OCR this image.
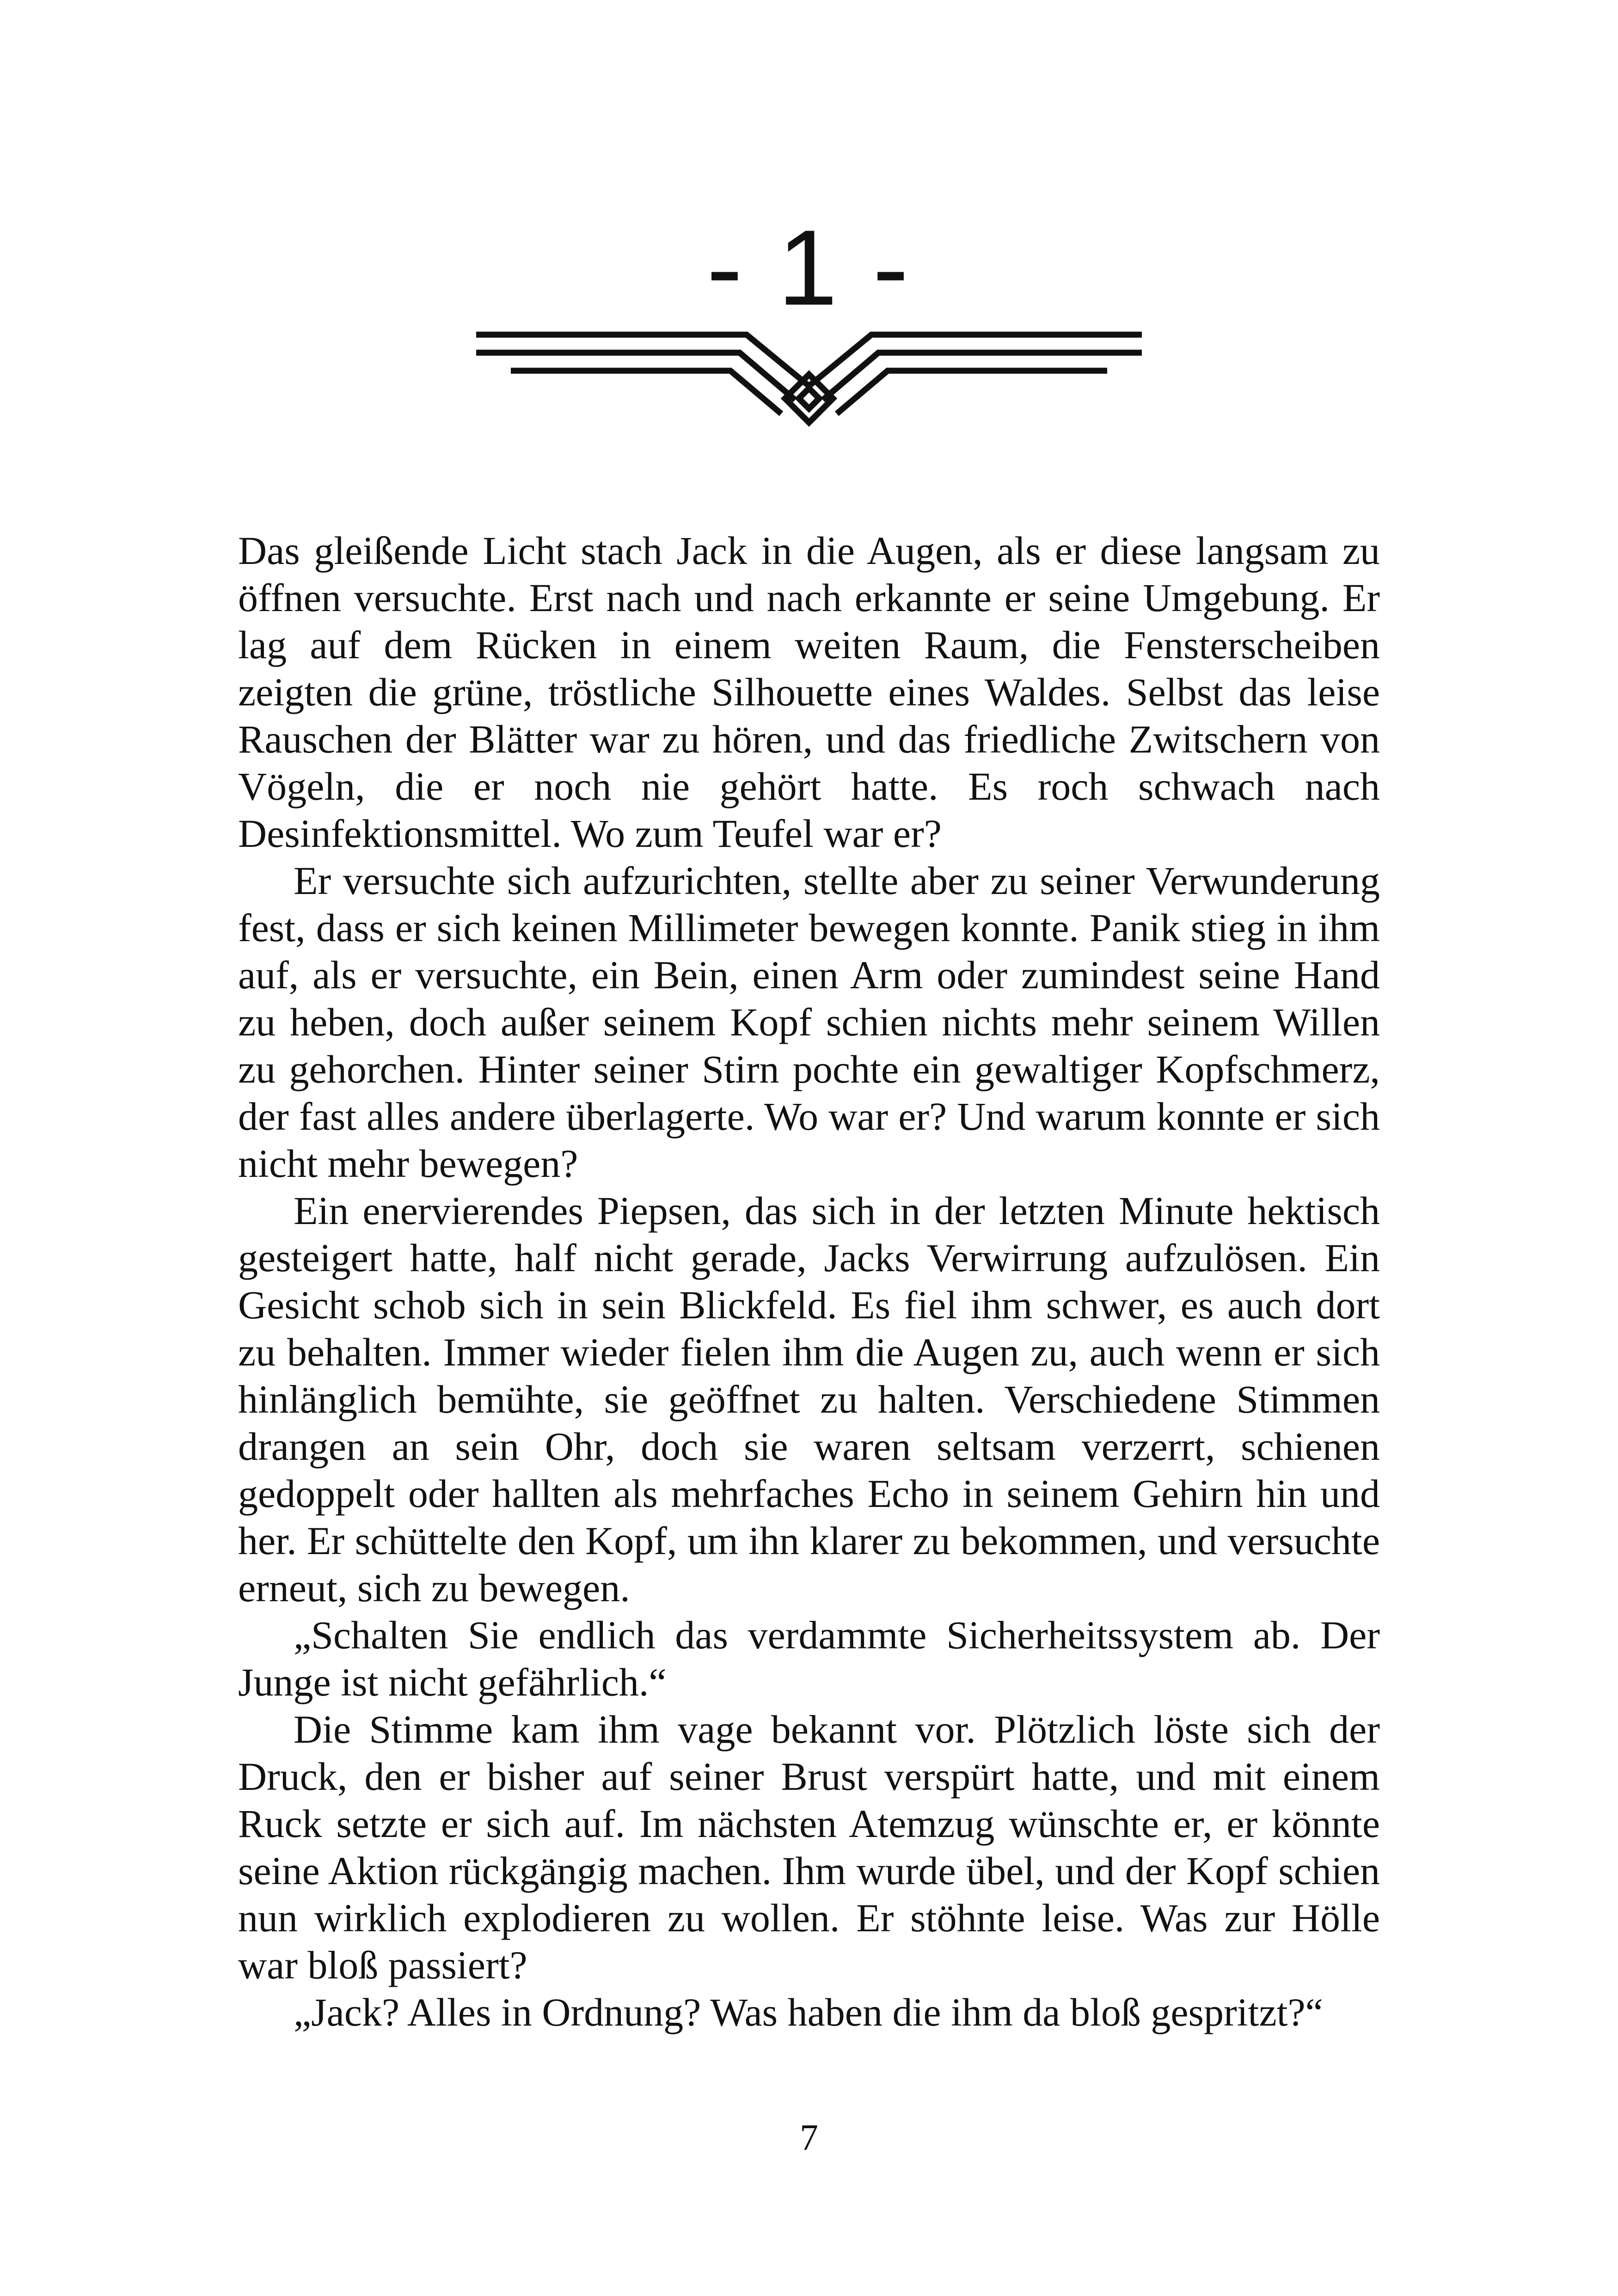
- 1 -

Das gleißende Licht stach Jack in die Augen, als er diese langsam zu öffnen versuchte. Erst nach und nach erkannte er seine Umgebung. Er lag auf dem Rücken in einem weiten Raum, die Fensterscheiben zeigten die grüne, tröstliche Silhouette eines Waldes. Selbst das leise Rauschen der Blätter war zu hören, und das friedliche Zwitschern von Vögeln, die er noch nie gehört hatte. Es roch schwach nach Desinfektionsmittel. Wo zum Teufel war er?

Er versuchte sich aufzurichten, stellte aber zu seiner Verwunderung fest, dass er sich keinen Millimeter bewegen konnte. Panik stieg in ihm auf, als er versuchte, ein Bein, einen Arm oder zumindest seine Hand zu heben, doch außer seinem Kopf schien nichts mehr seinem Willen zu gehorchen. Hinter seiner Stirn pochte ein gewaltiger Kopfschmerz, der fast alles andere überlagerte. Wo war er? Und warum konnte er sich nicht mehr bewegen?

Ein enervierendes Piepsen, das sich in der letzten Minute hektisch gesteigert hatte, half nicht gerade, Jacks Verwirrung aufzulösen. Ein Gesicht schob sich in sein Blickfeld. Es fiel ihm schwer, es auch dort zu behalten. Immer wieder fielen ihm die Augen zu, auch wenn er sich hinlänglich bemühte, sie geöffnet zu halten. Verschiedene Stimmen drangen an sein Ohr, doch sie waren seltsam verzerrt, schienen gedoppelt oder hallten als mehrfaches Echo in seinem Gehirn hin und her. Er schüttelte den Kopf, um ihn klarer zu bekommen, und versuchte erneut, sich zu bewegen.

„Schalten Sie endlich das verdammte Sicherheitssystem ab. Der Junge ist nicht gefährlich.“

Die Stimme kam ihm vage bekannt vor. Plötzlich löste sich der Druck, den er bisher auf seiner Brust verspürt hatte, und mit einem Ruck setzte er sich auf. Im nächsten Atemzug wünschte er, er könnte seine Aktion rückgängig machen. Ihm wurde übel, und der Kopf schien nun wirklich explodieren zu wollen. Er stöhnte leise. Was zur Hölle war bloß passiert?

„Jack? Alles in Ordnung? Was haben die ihm da bloß gespritzt?“

7
